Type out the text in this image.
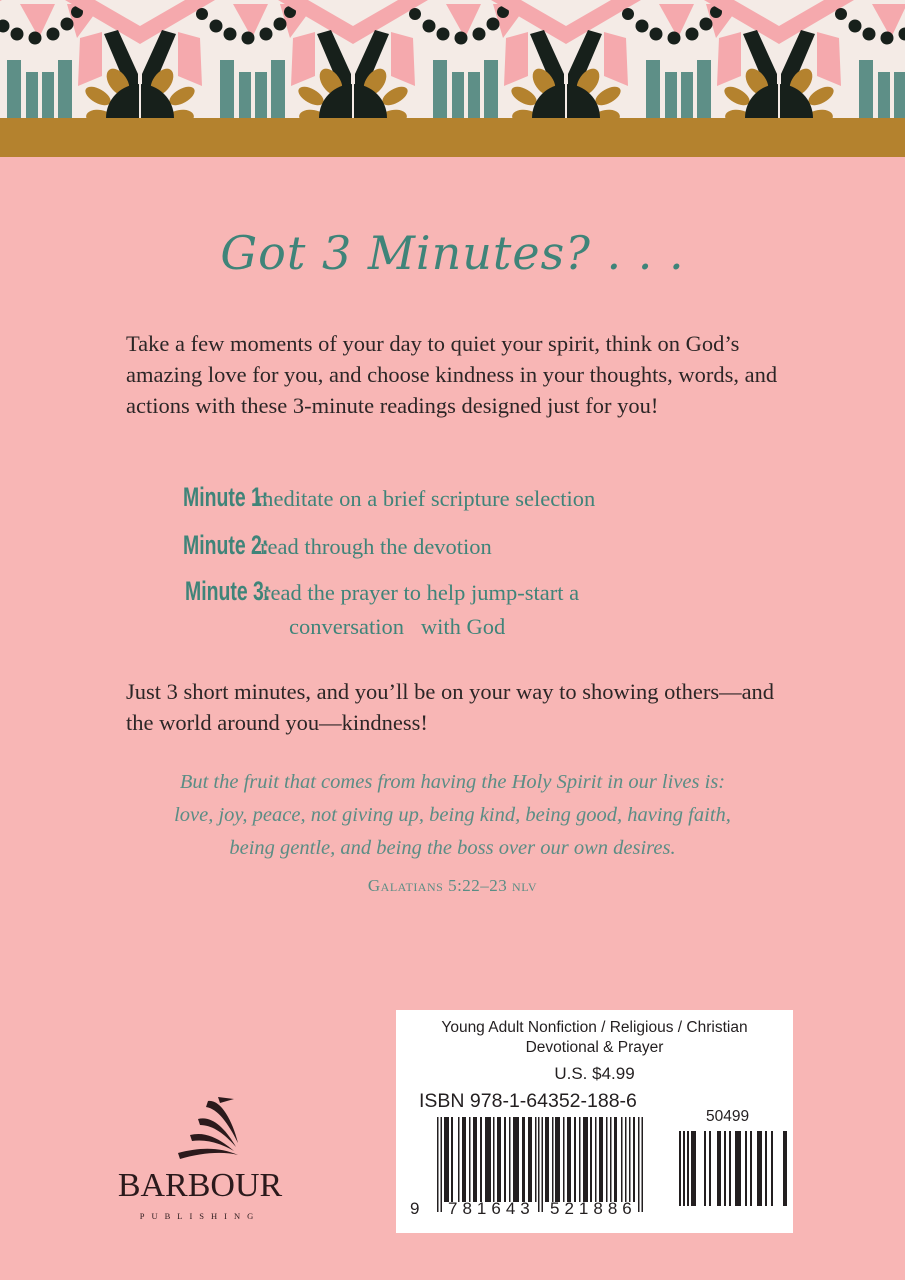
Got 3 Minutes? . . .
Take a few moments of your day to quiet your spirit, think on God’s amazing love for you, and choose kindness in your thoughts, words, and actions with these 3-minute readings designed just for you!
Minute 1:
meditate on a brief scripture selection
Minute 2:
read through the devotion
Minute 3:
read the prayer to help jump-start a
conversation   with God
Just 3 short minutes, and you’ll be on your way to showing others—and the world around you—kindness!
But the fruit that comes from having the Holy Spirit in our lives is:
love, joy, peace, not giving up, being kind, being good, having faith,
being gentle, and being the boss over our own desires.
Galatians 5:22–23 nlv
Young Adult Nonfiction / Religious / Christian
Devotional & Prayer
U.S. $4.99
ISBN 978-1-64352-188-6
50499
9 781643 521886
BARBOUR
PUBLISHING
